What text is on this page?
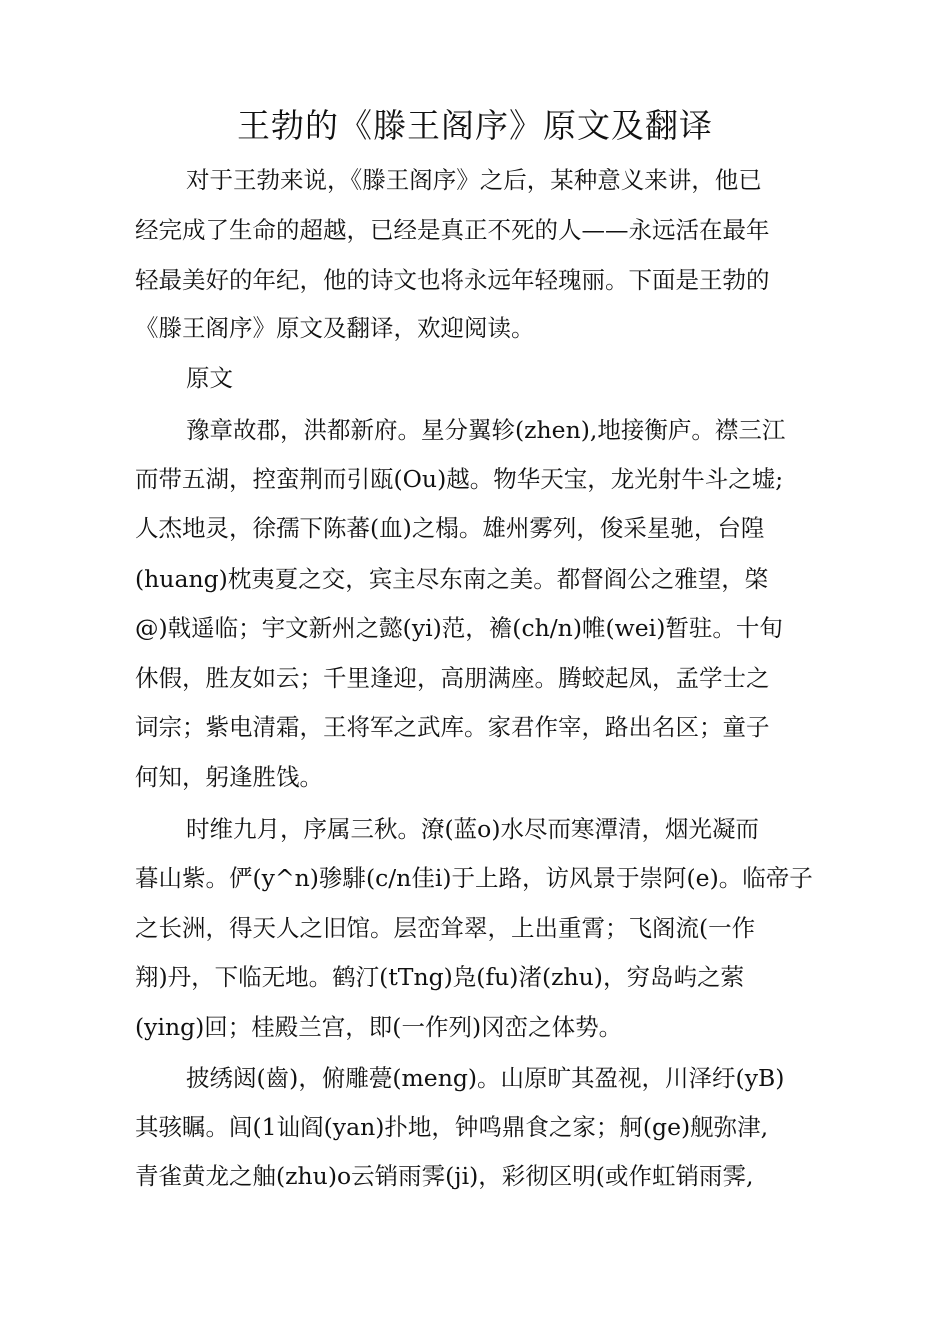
王勃的《滕王阁序》原文及翻译
对于王勃来说，《滕王阁序》之后，某种意义来讲，他已
经完成了生命的超越，已经是真正不死的人——永远活在最年
轻最美好的年纪，他的诗文也将永远年轻瑰丽。下面是王勃的
《滕王阁序》原文及翻译，欢迎阅读。
原文
豫章故郡，洪都新府。星分翼轸(zhen),地接衡庐。襟三江
而带五湖，控蛮荆而引瓯(Ou)越。物华天宝，龙光射牛斗之墟;
人杰地灵，徐孺下陈蕃(血)之榻。雄州雾列，俊采星驰，台隍
(huang)枕夷夏之交，宾主尽东南之美。都督阎公之雅望，棨
@)戟遥临；宇文新州之懿(yi)范，襜(ch/n)帷(wei)暂驻。十旬
休假，胜友如云；千里逢迎，高朋满座。腾蛟起凤，孟学士之
词宗；紫电清霜，王将军之武库。家君作宰，路出名区；童子
何知，躬逢胜饯。
时维九月，序属三秋。潦(蓝o)水尽而寒潭清，烟光凝而
暮山紫。俨(y^n)骖騑(c/n佳i)于上路，访风景于崇阿(e)。临帝子
之长洲，得天人之旧馆。层峦耸翠，上出重霄；飞阁流(一作
翔)丹，下临无地。鹤汀(tTng)凫(fu)渚(zhu)，穷岛屿之萦
(ying)回；桂殿兰宫，即(一作列)冈峦之体势。
披绣闼(齒)，俯雕甍(meng)。山原旷其盈视，川泽纡(yB)
其骇瞩。闾(1讪阎(yan)扑地，钟鸣鼎食之家；舸(ge)舰弥津,
青雀黄龙之舳(zhu)o云销雨霁(ji)，彩彻区明(或作虹销雨霁,
